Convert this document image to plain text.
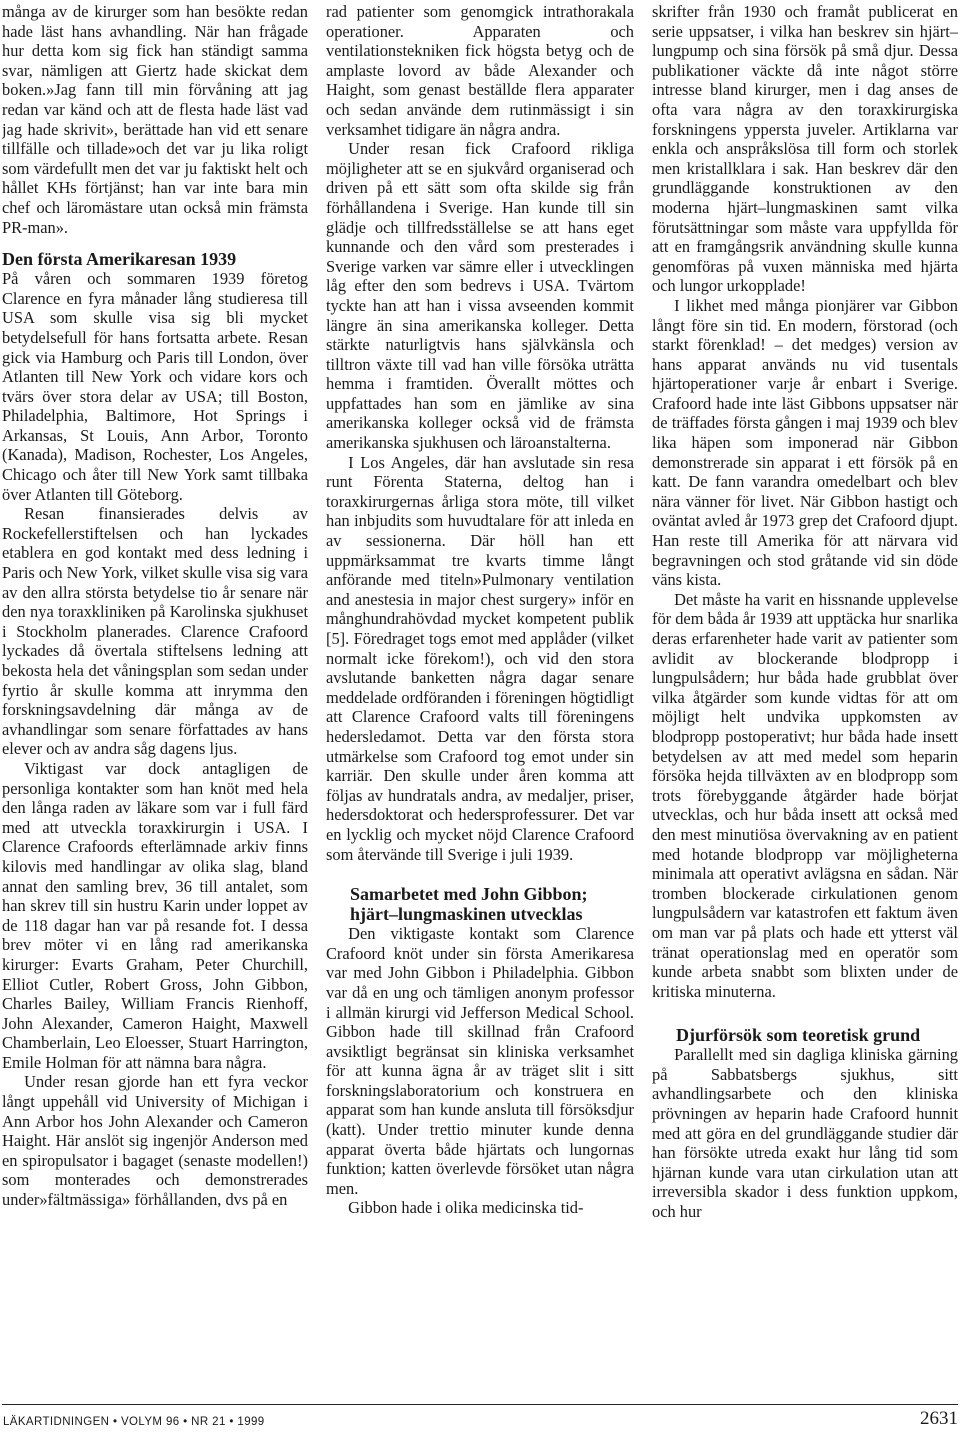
många av de kirurger som han besökte redan hade läst hans avhandling. När han frågade hur detta kom sig fick han ständigt samma svar, nämligen att Giertz hade skickat dem boken.»Jag fann till min förvåning att jag redan var känd och att de flesta hade läst vad jag hade skrivit», berättade han vid ett senare tillfälle och tillade»och det var ju lika roligt som värdefullt men det var ju faktiskt helt och hållet KHs förtjänst; han var inte bara min chef och läromästare utan också min främsta PR-man».

Den första Amerikaresan 1939

På våren och sommaren 1939 företog Clarence en fyra månader lång studieresa till USA som skulle visa sig bli mycket betydelsefull för hans fortsatta arbete. Resan gick via Hamburg och Paris till London, över Atlanten till New York och vidare kors och tvärs över stora delar av USA; till Boston, Philadelphia, Baltimore, Hot Springs i Arkansas, St Louis, Ann Arbor, Toronto (Kanada), Madison, Rochester, Los Angeles, Chicago och åter till New York samt tillbaka över Atlanten till Göteborg.

Resan finansierades delvis av Rockefellerstiftelsen och han lyckades etablera en god kontakt med dess ledning i Paris och New York, vilket skulle visa sig vara av den allra största betydelse tio år senare när den nya toraxkliniken på Karolinska sjukhuset i Stockholm planerades. Clarence Crafoord lyckades då övertala stiftelsens ledning att bekosta hela det våningsplan som sedan under fyrtio år skulle komma att inrymma den forskningsavdelning där många av de avhandlingar som senare författades av hans elever och av andra såg dagens ljus.

Viktigast var dock antagligen de personliga kontakter som han knöt med hela den långa raden av läkare som var i full färd med att utveckla toraxkirurgin i USA. I Clarence Crafoords efterlämnade arkiv finns kilovis med handlingar av olika slag, bland annat den samling brev, 36 till antalet, som han skrev till sin hustru Karin under loppet av de 118 dagar han var på resande fot. I dessa brev möter vi en lång rad amerikanska kirurger: Evarts Graham, Peter Churchill, Elliot Cutler, Robert Gross, John Gibbon, Charles Bailey, William Francis Rienhoff, John Alexander, Cameron Haight, Maxwell Chamberlain, Leo Eloesser, Stuart Harrington, Emile Holman för att nämna bara några.

Under resan gjorde han ett fyra veckor långt uppehåll vid University of Michigan i Ann Arbor hos John Alexander och Cameron Haight. Här anslöt sig ingenjör Anderson med en spiropulsator i bagaget (senaste modellen!) som monterades och demonstrerades under»fältmässiga» förhållanden, dvs på en

rad patienter som genomgick intrathorakala operationer. Apparaten och ventilationstekniken fick högsta betyg och de amplaste lovord av både Alexander och Haight, som genast beställde flera apparater och sedan använde dem rutinmässigt i sin verksamhet tidigare än några andra.

Under resan fick Crafoord rikliga möjligheter att se en sjukvård organiserad och driven på ett sätt som ofta skilde sig från förhållandena i Sverige. Han kunde till sin glädje och tillfredsställelse se att hans eget kunnande och den vård som presterades i Sverige varken var sämre eller i utvecklingen låg efter den som bedrevs i USA. Tvärtom tyckte han att han i vissa avseenden kommit längre än sina amerikanska kolleger. Detta stärkte naturligtvis hans självkänsla och tilltron växte till vad han ville försöka uträtta hemma i framtiden. Överallt möttes och uppfattades han som en jämlike av sina amerikanska kolleger också vid de främsta amerikanska sjukhusen och läroanstalterna.

I Los Angeles, där han avslutade sin resa runt Förenta Staterna, deltog han i toraxkirurgernas årliga stora möte, till vilket han inbjudits som huvudtalare för att inleda en av sessionerna. Där höll han ett uppmärksammat tre kvarts timme långt anförande med titeln»Pulmonary ventilation and anestesia in major chest surgery» inför en månghundrahövdad mycket kompetent publik [5]. Föredraget togs emot med applåder (vilket normalt icke förekom!), och vid den stora avslutande banketten några dagar senare meddelade ordföranden i föreningen högtidligt att Clarence Crafoord valts till föreningens hedersledamot. Detta var den första stora utmärkelse som Crafoord tog emot under sin karriär. Den skulle under åren komma att följas av hundratals andra, av medaljer, priser, hedersdoktorat och hedersprofessurer. Det var en lycklig och mycket nöjd Clarence Crafoord som återvände till Sverige i juli 1939.

Samarbetet med John Gibbon;
hjärt–lungmaskinen utvecklas

Den viktigaste kontakt som Clarence Crafoord knöt under sin första Amerikaresa var med John Gibbon i Philadelphia. Gibbon var då en ung och tämligen anonym professor i allmän kirurgi vid Jefferson Medical School. Gibbon hade till skillnad från Crafoord avsiktligt begränsat sin kliniska verksamhet för att kunna ägna år av träget slit i sitt forskningslaboratorium och konstruera en apparat som han kunde ansluta till försöksdjur (katt). Under trettio minuter kunde denna apparat överta både hjärtats och lungornas funktion; katten överlevde försöket utan några men.

Gibbon hade i olika medicinska tid-

skrifter från 1930 och framåt publicerat en serie uppsatser, i vilka han beskrev sin hjärt–lungpump och sina försök på små djur. Dessa publikationer väckte då inte något större intresse bland kirurger, men i dag anses de ofta vara några av den toraxkirurgiska forskningens yppersta juveler. Artiklarna var enkla och anspråkslösa till form och storlek men kristallklara i sak. Han beskrev där den grundläggande konstruktionen av den moderna hjärt–lungmaskinen samt vilka förutsättningar som måste vara uppfyllda för att en framgångsrik användning skulle kunna genomföras på vuxen människa med hjärta och lungor urkopplade!

I likhet med många pionjärer var Gibbon långt före sin tid. En modern, förstorad (och starkt förenklad! – det medges) version av hans apparat används nu vid tusentals hjärtoperationer varje år enbart i Sverige. Crafoord hade inte läst Gibbons uppsatser när de träffades första gången i maj 1939 och blev lika häpen som imponerad när Gibbon demonstrerade sin apparat i ett försök på en katt. De fann varandra omedelbart och blev nära vänner för livet. När Gibbon hastigt och oväntat avled år 1973 grep det Crafoord djupt. Han reste till Amerika för att närvara vid begravningen och stod gråtande vid sin döde väns kista.

Det måste ha varit en hissnande upplevelse för dem båda år 1939 att upptäcka hur snarlika deras erfarenheter hade varit av patienter som avlidit av blockerande blodpropp i lungpulsådern; hur båda hade grubblat över vilka åtgärder som kunde vidtas för att om möjligt helt undvika uppkomsten av blodpropp postoperativt; hur båda hade insett betydelsen av att med medel som heparin försöka hejda tillväxten av en blodpropp som trots förebyggande åtgärder hade börjat utvecklas, och hur båda insett att också med den mest minutiösa övervakning av en patient med hotande blodpropp var möjligheterna minimala att operativt avlägsna en sådan. När tromben blockerade cirkulationen genom lungpulsådern var katastrofen ett faktum även om man var på plats och hade ett ytterst väl tränat operationslag med en operatör som kunde arbeta snabbt som blixten under de kritiska minuterna.

Djurförsök som teoretisk grund

Parallellt med sin dagliga kliniska gärning på Sabbatsbergs sjukhus, sitt avhandlingsarbete och den kliniska prövningen av heparin hade Crafoord hunnit med att göra en del grundläggande studier där han försökte utreda exakt hur lång tid som hjärnan kunde vara utan cirkulation utan att irreversibla skador i dess funktion uppkom, och hur

LÄKARTIDNINGEN • VOLYM 96 • NR 21 • 1999	2631
